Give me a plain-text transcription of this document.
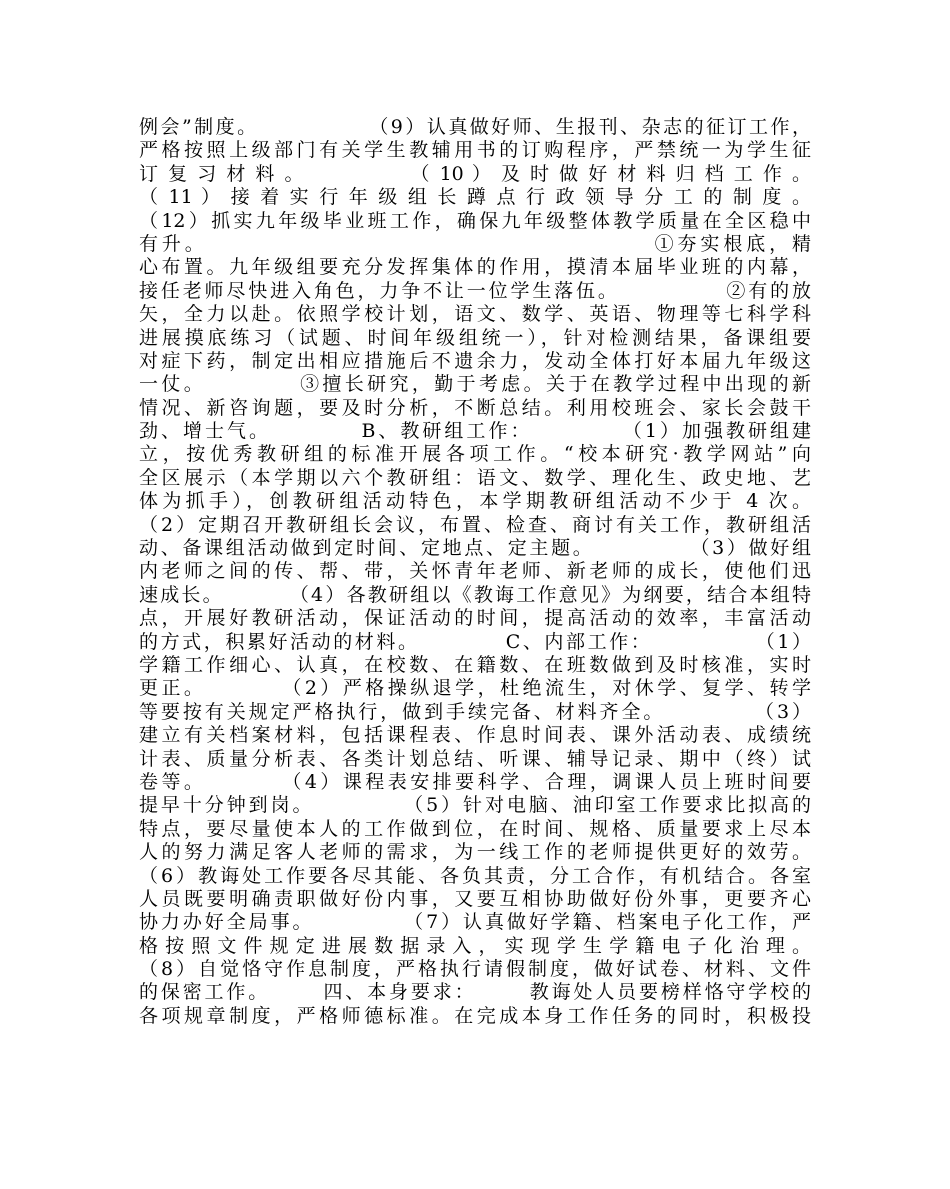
例会”制度。             （9）认真做好师、生报刊、杂志的征订工作，
严格按照上级部门有关学生教辅用书的订购程序，严禁统一为学生征
订 复 习 材 料 。             （ 10 ） 及 时 做 好 材 料 归 档 工 作 。
（ 11 ） 接 着 实 行 年 级 组 长 蹲 点 行 政 领 导 分 工 的 制 度 。
（12）抓实九年级毕业班工作，确保九年级整体教学质量在全区稳中
有升。                                             ①夯实根底，精
心布置。九年级组要充分发挥集体的作用，摸清本届毕业班的内幕，
接任老师尽快进入角色，力争不让一位学生落伍。            ②有的放
矢，全力以赴。依照学校计划，语文、数学、英语、物理等七科学科
进展摸底练习（试题、时间年级组统一），针对检测结果，备课组要
对症下药，制定出相应措施后不遗余力，发动全体打好本届九年级这
一仗。          ③擅长研究，勤于考虑。关于在教学过程中出现的新
情况、新咨询题，要及时分析，不断总结。利用校班会、家长会鼓干
劲、增士气。          B、教研组工作：          （1）加强教研组建
立，按优秀教研组的标准开展各项工作。“校本研究·教学网站”向
全区展示（本学期以六个教研组：语文、数学、理化生、政史地、艺
体为抓手），创教研组活动特色，本学期教研组活动不少于 4 次。
（2）定期召开教研组长会议，布置、检查、商讨有关工作，教研组活
动、备课组活动做到定时间、定地点、定主题。           （3）做好组
内老师之间的传、帮、带，关怀青年老师、新老师的成长，使他们迅
速成长。        （4）各教研组以《教诲工作意见》为纲要，结合本组特
点，开展好教研活动，保证活动的时间，提高活动的效率，丰富活动
的方式，积累好活动的材料。          C、内部工作：            （1）
学籍工作细心、认真，在校数、在籍数、在班数做到及时核准，实时
更正。        （2）严格操纵退学，杜绝流生，对休学、复学、转学
等要按有关规定严格执行，做到手续完备、材料齐全。          （3）
建立有关档案材料，包括课程表、作息时间表、课外活动表、成绩统
计表、质量分析表、各类计划总结、听课、辅导记录、期中（终）试
卷等。        （4）课程表安排要科学、合理，调课人员上班时间要
提早十分钟到岗。          （5）针对电脑、油印室工作要求比拟高的
特点，要尽量使本人的工作做到位，在时间、规格、质量要求上尽本
人的努力满足客人老师的需求，为一线工作的老师提供更好的效劳。
（6）教诲处工作要各尽其能、各负其责，分工合作，有机结合。各室
人员既要明确责职做好份内事，又要互相协助做好份外事，更要齐心
协力办好全局事。          （7）认真做好学籍、档案电子化工作，严
格 按 照 文 件 规 定 进 展 数 据 录 入 ， 实 现 学 生 学 籍 电 子 化 治 理 。
（8）自觉恪守作息制度，严格执行请假制度，做好试卷、材料、文件
的保密工作。      四、本身要求：      教诲处人员要榜样恪守学校的
各项规章制度，严格师德标准。在完成本身工作任务的同时，积极投
